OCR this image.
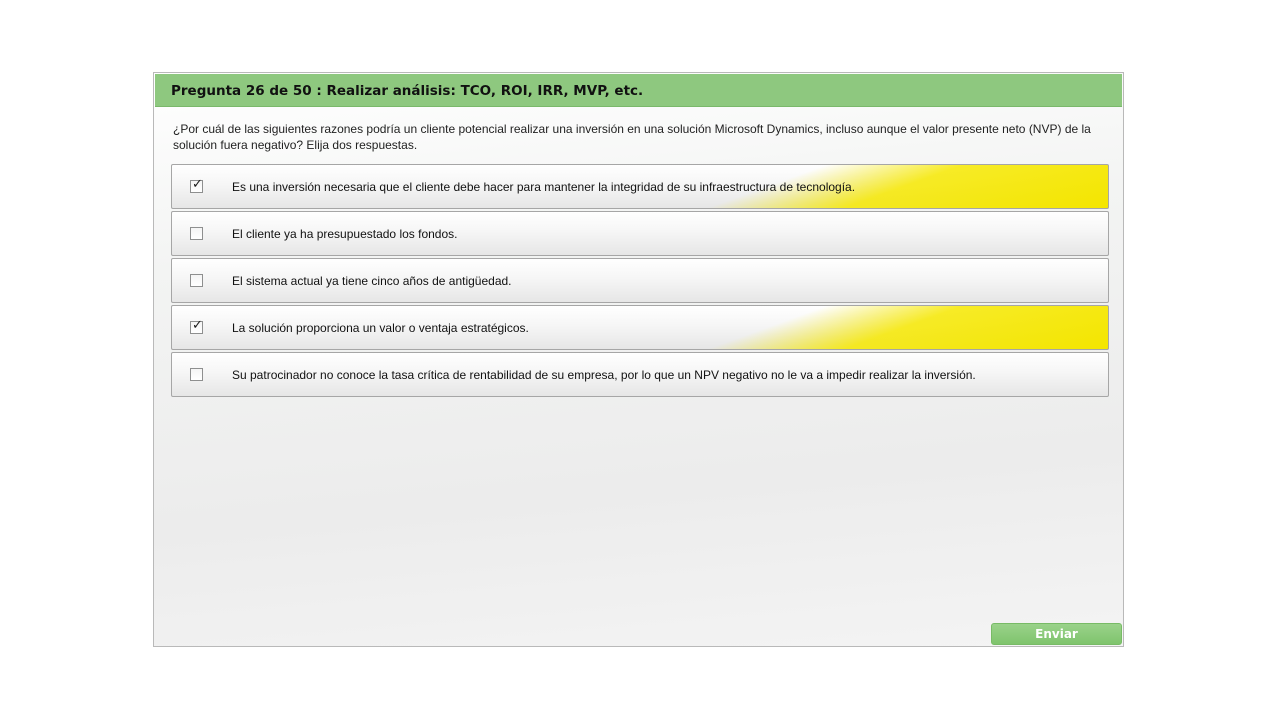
Pregunta 26 de 50 : Realizar análisis: TCO, ROI, IRR, MVP, etc.
¿Por cuál de las siguientes razones podría un cliente potencial realizar una inversión en una solución Microsoft Dynamics, incluso aunque el valor presente neto (NVP) de la solución fuera negativo? Elija dos respuestas.
✓ Es una inversión necesaria que el cliente debe hacer para mantener la integridad de su infraestructura de tecnología.
El cliente ya ha presupuestado los fondos.
El sistema actual ya tiene cinco años de antigüedad.
✓ La solución proporciona un valor o ventaja estratégicos.
Su patrocinador no conoce la tasa crítica de rentabilidad de su empresa, por lo que un NPV negativo no le va a impedir realizar la inversión.
Enviar
